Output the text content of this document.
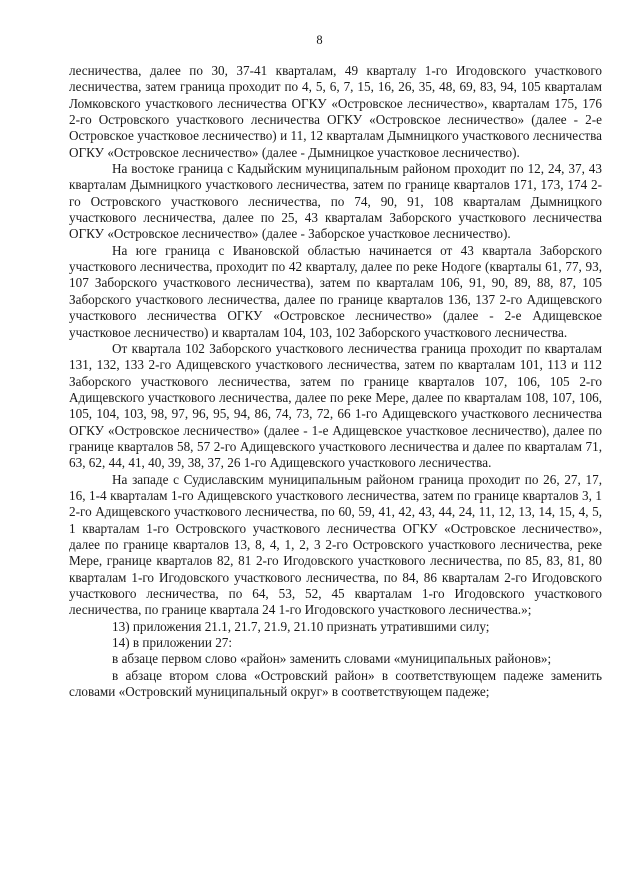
8

лесничества, далее по 30, 37-41 кварталам, 49 кварталу 1-го Игодовского участкового лесничества, затем граница проходит по 4, 5, 6, 7, 15, 16, 26, 35, 48, 69, 83, 94, 105 кварталам Ломковского участкового лесничества ОГКУ «Островское лесничество», кварталам 175, 176 2-го Островского участкового лесничества ОГКУ «Островское лесничество» (далее - 2-е Островское участковое лесничество) и 11, 12 кварталам Дымницкого участкового лесничества ОГКУ «Островское лесничество» (далее - Дымницкое участковое лесничество).

На востоке граница с Кадыйским муниципальным районом проходит по 12, 24, 37, 43 кварталам Дымницкого участкового лесничества, затем по границе кварталов 171, 173, 174 2-го Островского участкового лесничества, по 74, 90, 91, 108 кварталам Дымницкого участкового лесничества, далее по 25, 43 кварталам Заборского участкового лесничества ОГКУ «Островское лесничество» (далее - Заборское участковое лесничество).

На юге граница с Ивановской областью начинается от 43 квартала Заборского участкового лесничества, проходит по 42 кварталу, далее по реке Нодоге (кварталы 61, 77, 93, 107 Заборского участкового лесничества), затем по кварталам 106, 91, 90, 89, 88, 87, 105 Заборского участкового лесничества, далее по границе кварталов 136, 137 2-го Адищевского участкового лесничества ОГКУ «Островское лесничество» (далее - 2-е Адищевское участковое лесничество) и кварталам 104, 103, 102 Заборского участкового лесничества.

От квартала 102 Заборского участкового лесничества граница проходит по кварталам 131, 132, 133 2-го Адищевского участкового лесничества, затем по кварталам 101, 113 и 112 Заборского участкового лесничества, затем по границе кварталов 107, 106, 105 2-го Адищевского участкового лесничества, далее по реке Мере, далее по кварталам 108, 107, 106, 105, 104, 103, 98, 97, 96, 95, 94, 86, 74, 73, 72, 66 1-го Адищевского участкового лесничества ОГКУ «Островское лесничество» (далее - 1-е Адищевское участковое лесничество), далее по границе кварталов 58, 57 2-го Адищевского участкового лесничества и далее по кварталам 71, 63, 62, 44, 41, 40, 39, 38, 37, 26 1-го Адищевского участкового лесничества.

На западе с Судиславским муниципальным районом граница проходит по 26, 27, 17, 16, 1-4 кварталам 1-го Адищевского участкового лесничества, затем по границе кварталов 3, 1 2-го Адищевского участкового лесничества, по 60, 59, 41, 42, 43, 44, 24, 11, 12, 13, 14, 15, 4, 5, 1 кварталам 1-го Островского участкового лесничества ОГКУ «Островское лесничество», далее по границе кварталов 13, 8, 4, 1, 2, 3 2-го Островского участкового лесничества, реке Мере, границе кварталов 82, 81 2-го Игодовского участкового лесничества, по 85, 83, 81, 80 кварталам 1-го Игодовского участкового лесничества, по 84, 86 кварталам 2-го Игодовского участкового лесничества, по 64, 53, 52, 45 кварталам 1-го Игодовского участкового лесничества, по границе квартала 24 1-го Игодовского участкового лесничества.»;

13) приложения 21.1, 21.7, 21.9, 21.10 признать утратившими силу;

14) в приложении 27:

в абзаце первом слово «район» заменить словами «муниципальных районов»;

в абзаце втором слова «Островский район» в соответствующем падеже заменить словами «Островский муниципальный округ» в соответствующем падеже;
